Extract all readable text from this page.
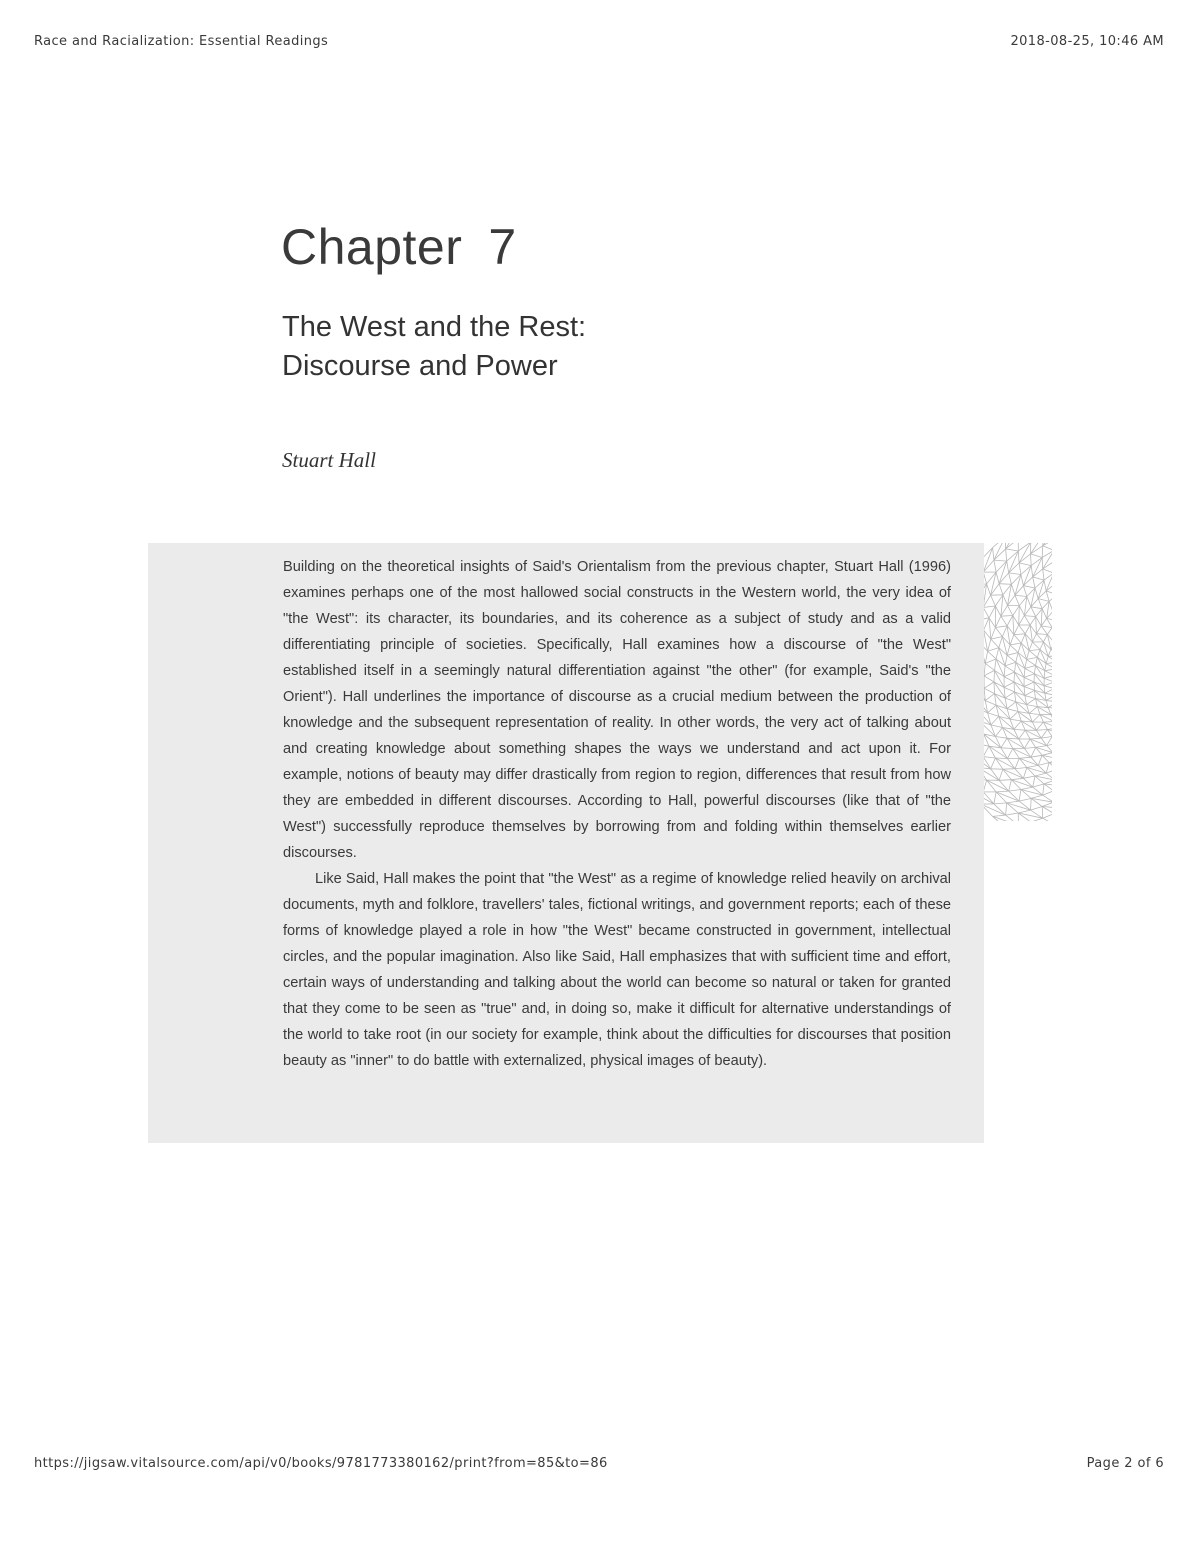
Race and Racialization: Essential Readings	2018-08-25, 10:46 AM
Chapter 7
The West and the Rest:
Discourse and Power
Stuart Hall

Building on the theoretical insights of Said's Orientalism from the previous chapter, Stuart Hall (1996) examines perhaps one of the most hallowed social constructs in the Western world, the very idea of "the West": its character, its boundaries, and its coherence as a subject of study and as a valid differentiating principle of societies. Specifically, Hall examines how a discourse of "the West" established itself in a seemingly natural differentiation against "the other" (for example, Said's "the Orient"). Hall underlines the importance of discourse as a crucial medium between the production of knowledge and the subsequent representation of reality. In other words, the very act of talking about and creating knowledge about something shapes the ways we understand and act upon it. For example, notions of beauty may differ drastically from region to region, differences that result from how they are embedded in different discourses. According to Hall, powerful discourses (like that of "the West") successfully reproduce themselves by borrowing from and folding within themselves earlier discourses.

Like Said, Hall makes the point that "the West" as a regime of knowledge relied heavily on archival documents, myth and folklore, travellers' tales, fictional writings, and government reports; each of these forms of knowledge played a role in how "the West" became constructed in government, intellectual circles, and the popular imagination. Also like Said, Hall emphasizes that with sufficient time and effort, certain ways of understanding and talking about the world can become so natural or taken for granted that they come to be seen as "true" and, in doing so, make it difficult for alternative understandings of the world to take root (in our society for example, think about the difficulties for discourses that position beauty as "inner" to do battle with externalized, physical images of beauty).

https://jigsaw.vitalsource.com/api/v0/books/9781773380162/print?from=85&to=86	Page 2 of 6
